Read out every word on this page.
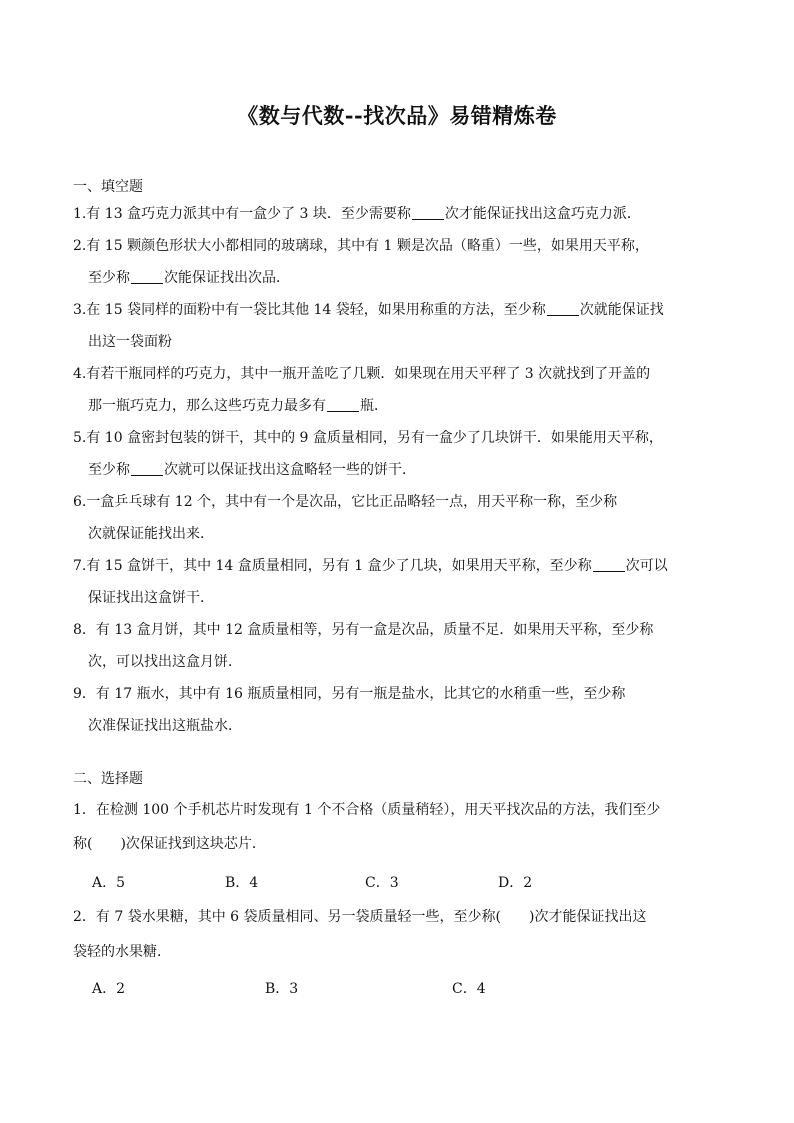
《数与代数--找次品》易错精炼卷
一、填空题
1.有 13 盒巧克力派其中有一盒少了 3 块．至少需要称 次才能保证找出这盒巧克力派．
2.有 15 颗颜色形状大小都相同的玻璃球，其中有 1 颗是次品（略重）一些，如果用天平称，
至少称 次能保证找出次品．
3.在 15 袋同样的面粉中有一袋比其他 14 袋轻，如果用称重的方法，至少称 次就能保证找
出这一袋面粉
4.有若干瓶同样的巧克力，其中一瓶开盖吃了几颗．如果现在用天平秤了 3 次就找到了开盖的
那一瓶巧克力，那么这些巧克力最多有 瓶．
5.有 10 盒密封包装的饼干，其中的 9 盒质量相同，另有一盒少了几块饼干．如果能用天平称，
至少称 次就可以保证找出这盒略轻一些的饼干．
6.一盒乒乓球有 12 个，其中有一个是次品，它比正品略轻一点，用天平称一称，至少称
次就保证能找出来．
7.有 15 盒饼干，其中 14 盒质量相同，另有 1 盒少了几块，如果用天平称，至少称 次可以
保证找出这盒饼干．
8．有 13 盒月饼，其中 12 盒质量相等，另有一盒是次品，质量不足．如果用天平称，至少称
次，可以找出这盒月饼．
9．有 17 瓶水，其中有 16 瓶质量相同，另有一瓶是盐水，比其它的水稍重一些，至少称
次准保证找出这瓶盐水．
二、选择题
1．在检测 100 个手机芯片时发现有 1 个不合格（质量稍轻），用天平找次品的方法，我们至少
称(　　)次保证找到这块芯片．
A．5	B．4	C．3	D．2
2．有 7 袋水果糖，其中 6 袋质量相同、另一袋质量轻一些，至少称(　　)次才能保证找出这
袋轻的水果糖．
A．2	B．3	C．4
